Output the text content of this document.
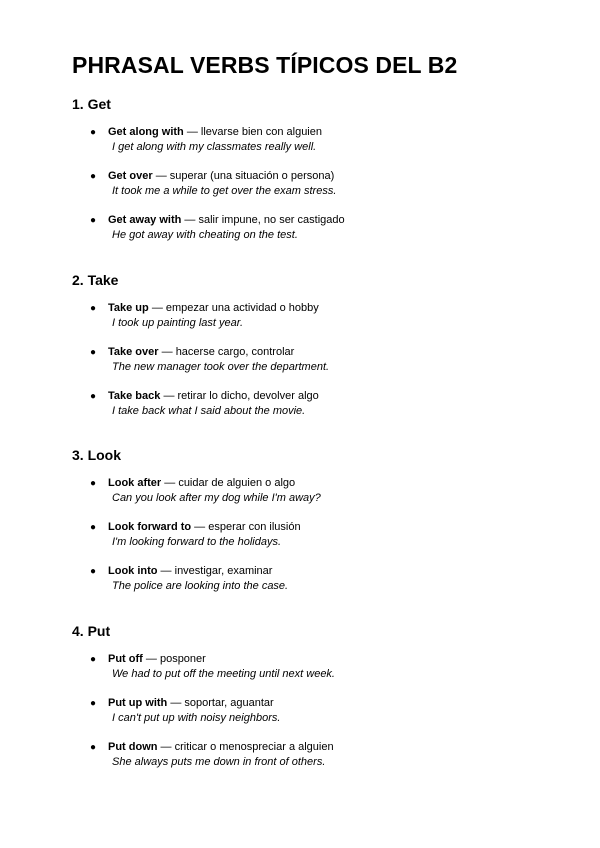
PHRASAL VERBS TÍPICOS DEL B2
1. Get
● Get along with — llevarse bien con alguien
I get along with my classmates really well.
● Get over — superar (una situación o persona)
It took me a while to get over the exam stress.
● Get away with — salir impune, no ser castigado
He got away with cheating on the test.
2. Take
● Take up — empezar una actividad o hobby
I took up painting last year.
● Take over — hacerse cargo, controlar
The new manager took over the department.
● Take back — retirar lo dicho, devolver algo
I take back what I said about the movie.
3. Look
● Look after — cuidar de alguien o algo
Can you look after my dog while I'm away?
● Look forward to — esperar con ilusión
I'm looking forward to the holidays.
● Look into — investigar, examinar
The police are looking into the case.
4. Put
● Put off — posponer
We had to put off the meeting until next week.
● Put up with — soportar, aguantar
I can't put up with noisy neighbors.
● Put down — criticar o menospreciar a alguien
She always puts me down in front of others.
